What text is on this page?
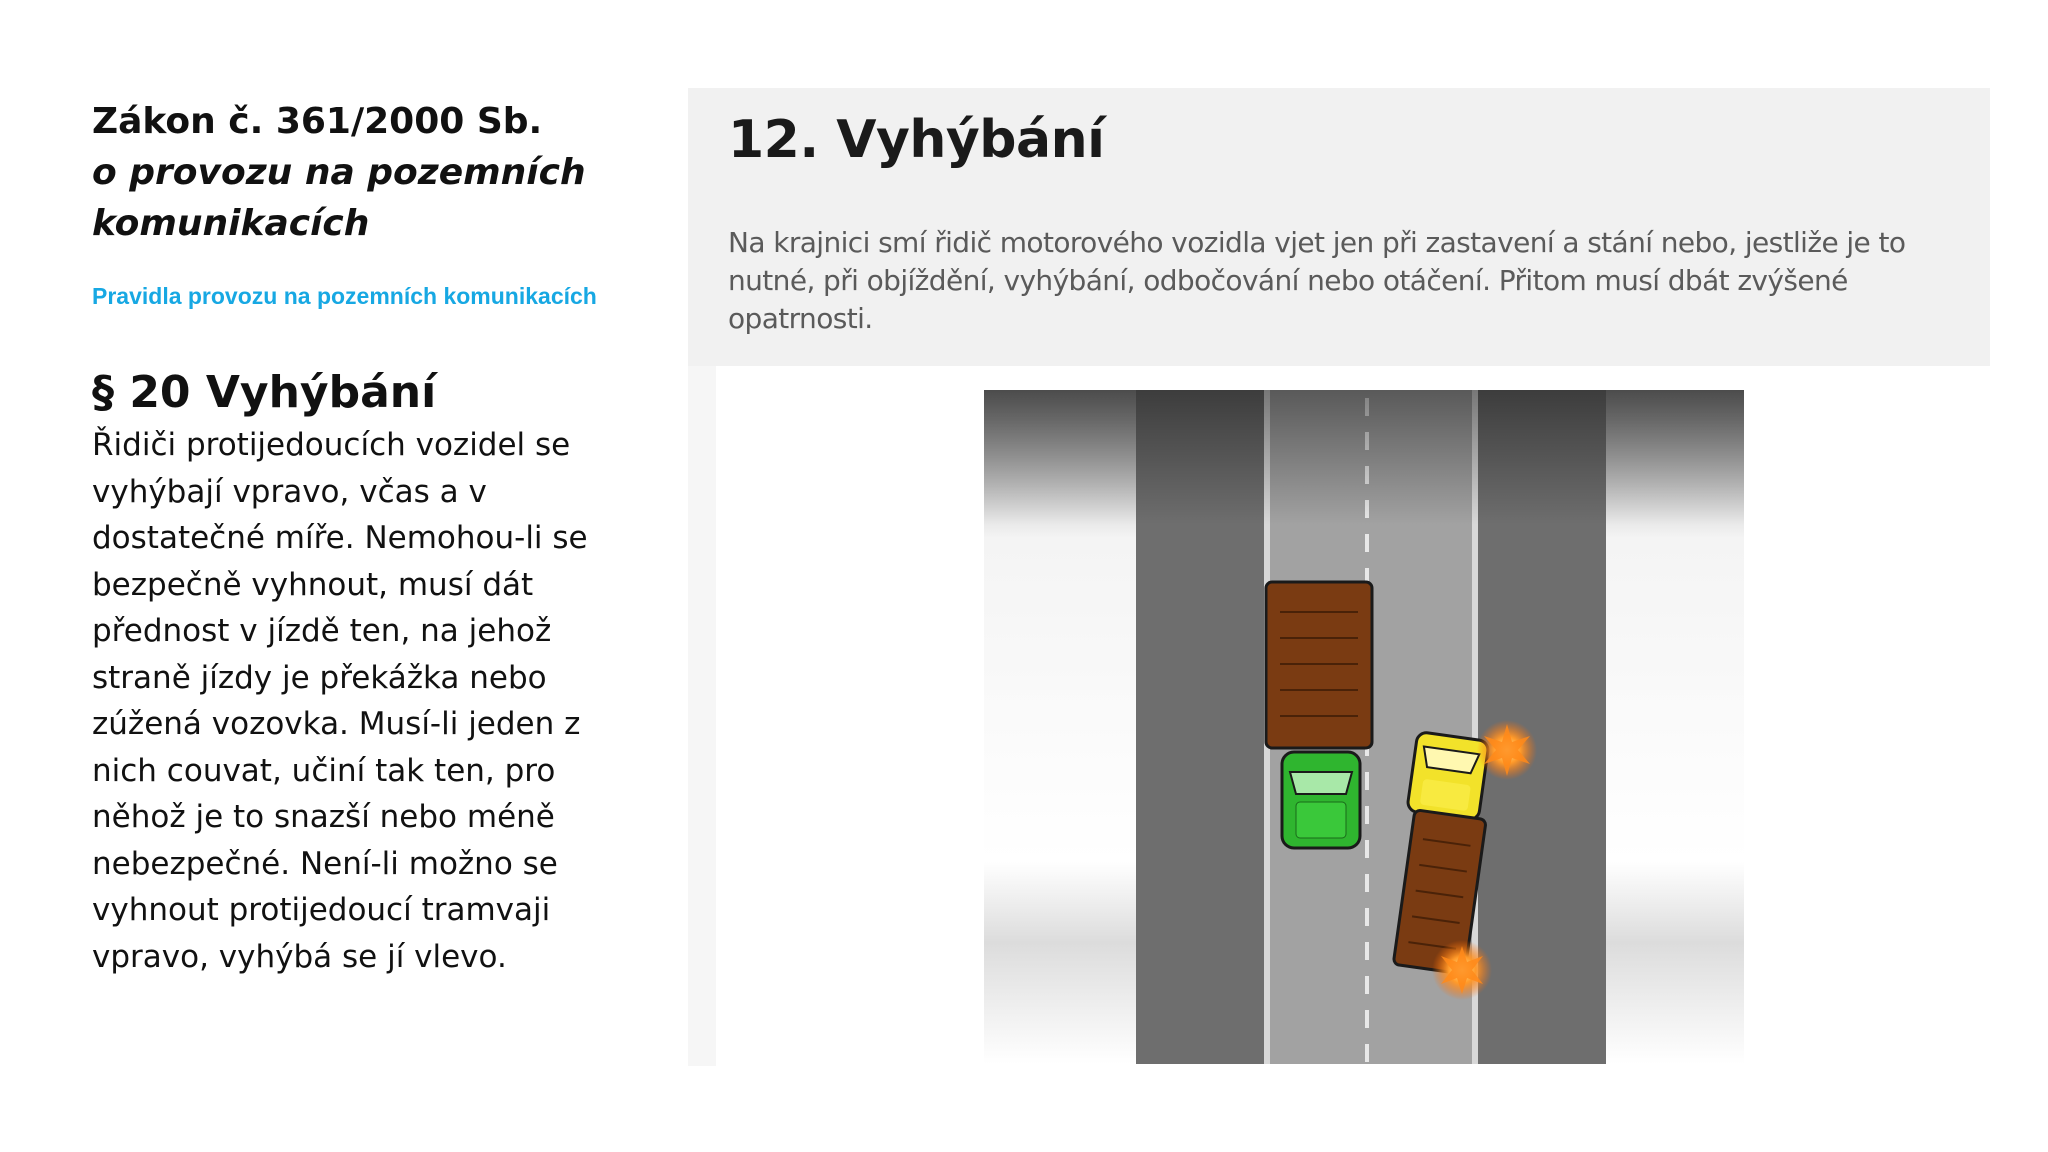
Zákon č. 361/2000 Sb.

o provozu na pozemních

komunikacích

Pravidla provozu na pozemních komunikacích
§ 20 Vyhýbání

Řidiči protijedoucích vozidel se vyhýbají vpravo, včas a v dostatečné míře. Nemohou-li se bezpečně vyhnout, musí dát přednost v jízdě ten, na jehož straně jízdy je překážka nebo zúžená vozovka. Musí-li jeden z nich couvat, učiní tak ten, pro něhož je to snazší nebo méně nebezpečné. Není-li možno se vyhnout protijedoucí tramvaji vpravo, vyhýbá se jí vlevo.

12. Vyhýbání

Na krajnici smí řidič motorového vozidla vjet jen při zastavení a stání nebo, jestliže je to nutné, při objíždění, vyhýbání, odbočování nebo otáčení. Přitom musí dbát zvýšené opatrnosti.
